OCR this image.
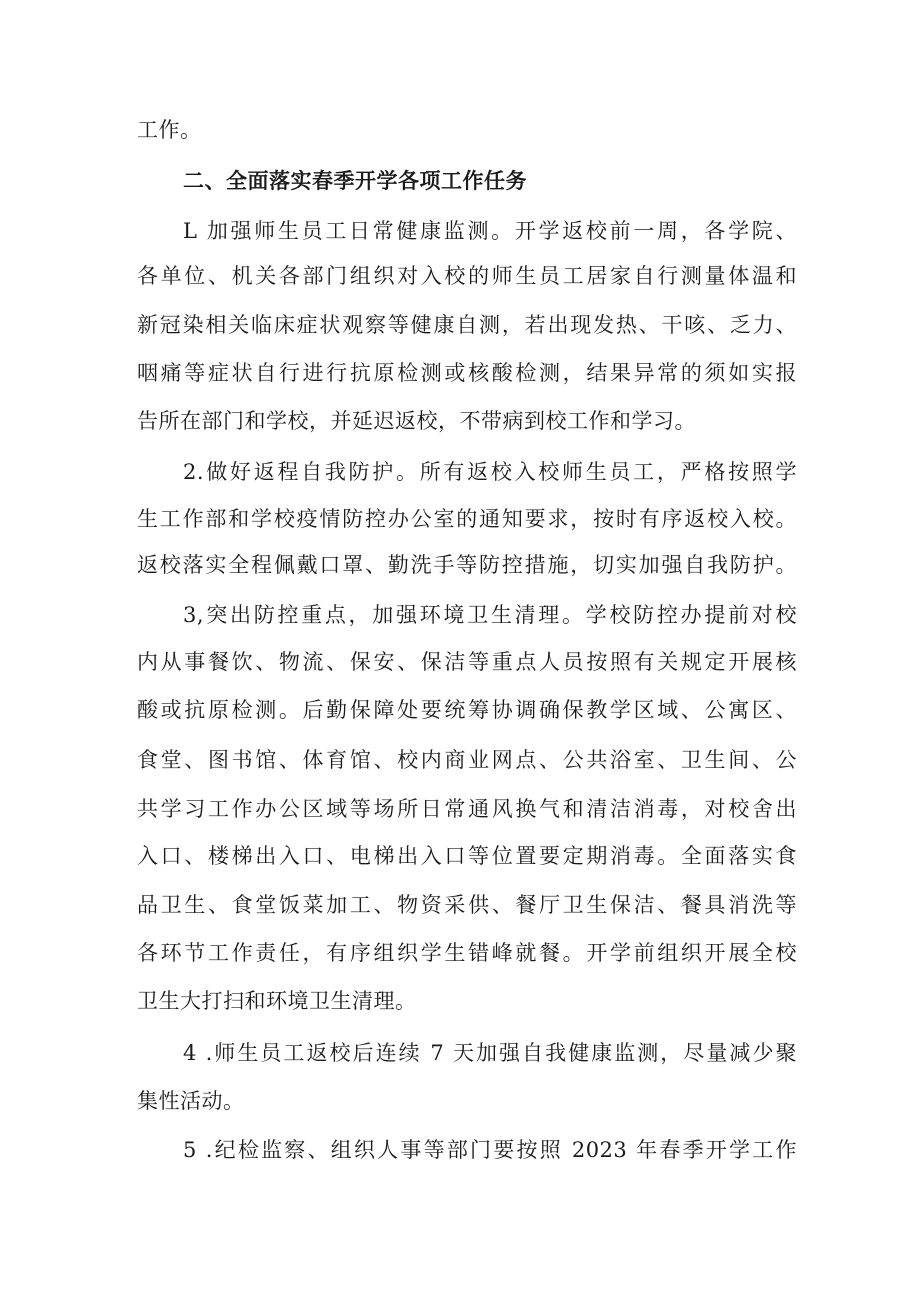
工作。
二、全面落实春季开学各项工作任务
L 加强师生员工日常健康监测。开学返校前一周，各学院、
各单位、机关各部门组织对入校的师生员工居家自行测量体温和
新冠染相关临床症状观察等健康自测，若出现发热、干咳、乏力、
咽痛等症状自行进行抗原检测或核酸检测，结果异常的须如实报
告所在部门和学校，并延迟返校，不带病到校工作和学习。
2.做好返程自我防护。所有返校入校师生员工，严格按照学
生工作部和学校疫情防控办公室的通知要求，按时有序返校入校。
返校落实全程佩戴口罩、勤洗手等防控措施，切实加强自我防护。
3,突出防控重点，加强环境卫生清理。学校防控办提前对校
内从事餐饮、物流、保安、保洁等重点人员按照有关规定开展核
酸或抗原检测。后勤保障处要统筹协调确保教学区域、公寓区、
食堂、图书馆、体育馆、校内商业网点、公共浴室、卫生间、公
共学习工作办公区域等场所日常通风换气和清洁消毒，对校舍出
入口、楼梯出入口、电梯出入口等位置要定期消毒。全面落实食
品卫生、食堂饭菜加工、物资采供、餐厅卫生保洁、餐具消洗等
各环节工作责任，有序组织学生错峰就餐。开学前组织开展全校
卫生大打扫和环境卫生清理。
4 .师生员工返校后连续 7 天加强自我健康监测，尽量减少聚
集性活动。
5 .纪检监察、组织人事等部门要按照 2023 年春季开学工作
